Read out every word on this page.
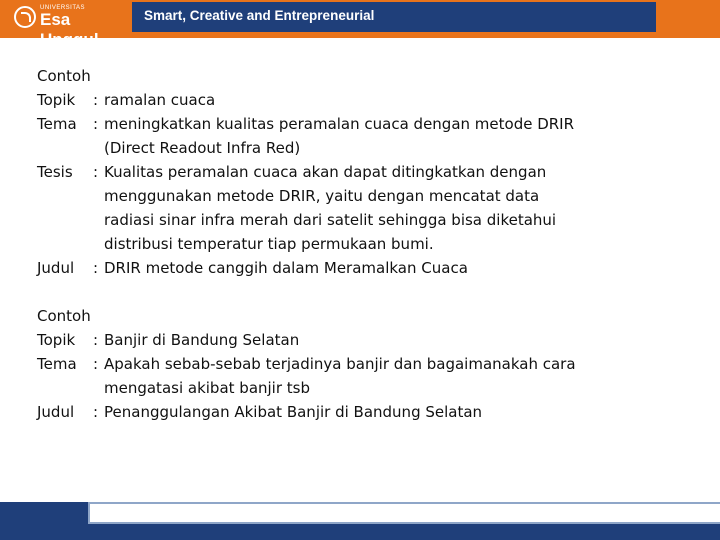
UNIVERSITAS
Esa Unggul
Smart, Creative and Entrepreneurial
Contoh
Topik	: ramalan cuaca
Tema	: meningkatkan kualitas peramalan cuaca dengan metode DRIR
(Direct Readout Infra Red)
Tesis	: Kualitas peramalan cuaca akan dapat ditingkatkan dengan
menggunakan metode DRIR, yaitu dengan mencatat data
radiasi sinar infra merah dari satelit sehingga bisa diketahui
distribusi temperatur tiap permukaan bumi.
Judul	: DRIR metode canggih dalam Meramalkan Cuaca
Contoh
Topik	: Banjir di Bandung Selatan
Tema	: Apakah sebab-sebab terjadinya banjir dan bagaimanakah cara
mengatasi akibat banjir tsb
Judul	: Penanggulangan Akibat Banjir di Bandung Selatan
